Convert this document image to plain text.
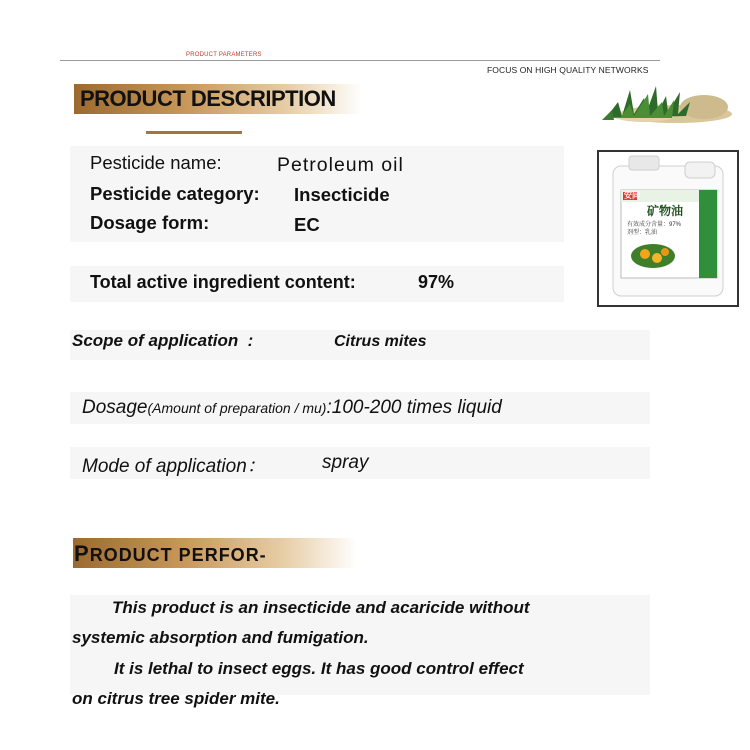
PRODUCT PARAMETERS
FOCUS ON HIGH QUALITY NETWORKS
PRODUCT DESCRIPTION
Pesticide name:	Petroleum oil
Pesticide category: Insecticide
Dosage form:	EC
Total active ingredient content:	97%
安同
矿物油
有效成分含量：97%
剂型：乳油
Scope of application  :	Citrus mites
Dosage(Amount of preparation / mu):100-200 times liquid
Mode of application：	spray
PRODUCT PERFOR-
This product is an insecticide and acaricide without
systemic absorption and fumigation.
It is lethal to insect eggs. It has good control effect
on citrus tree spider mite.
